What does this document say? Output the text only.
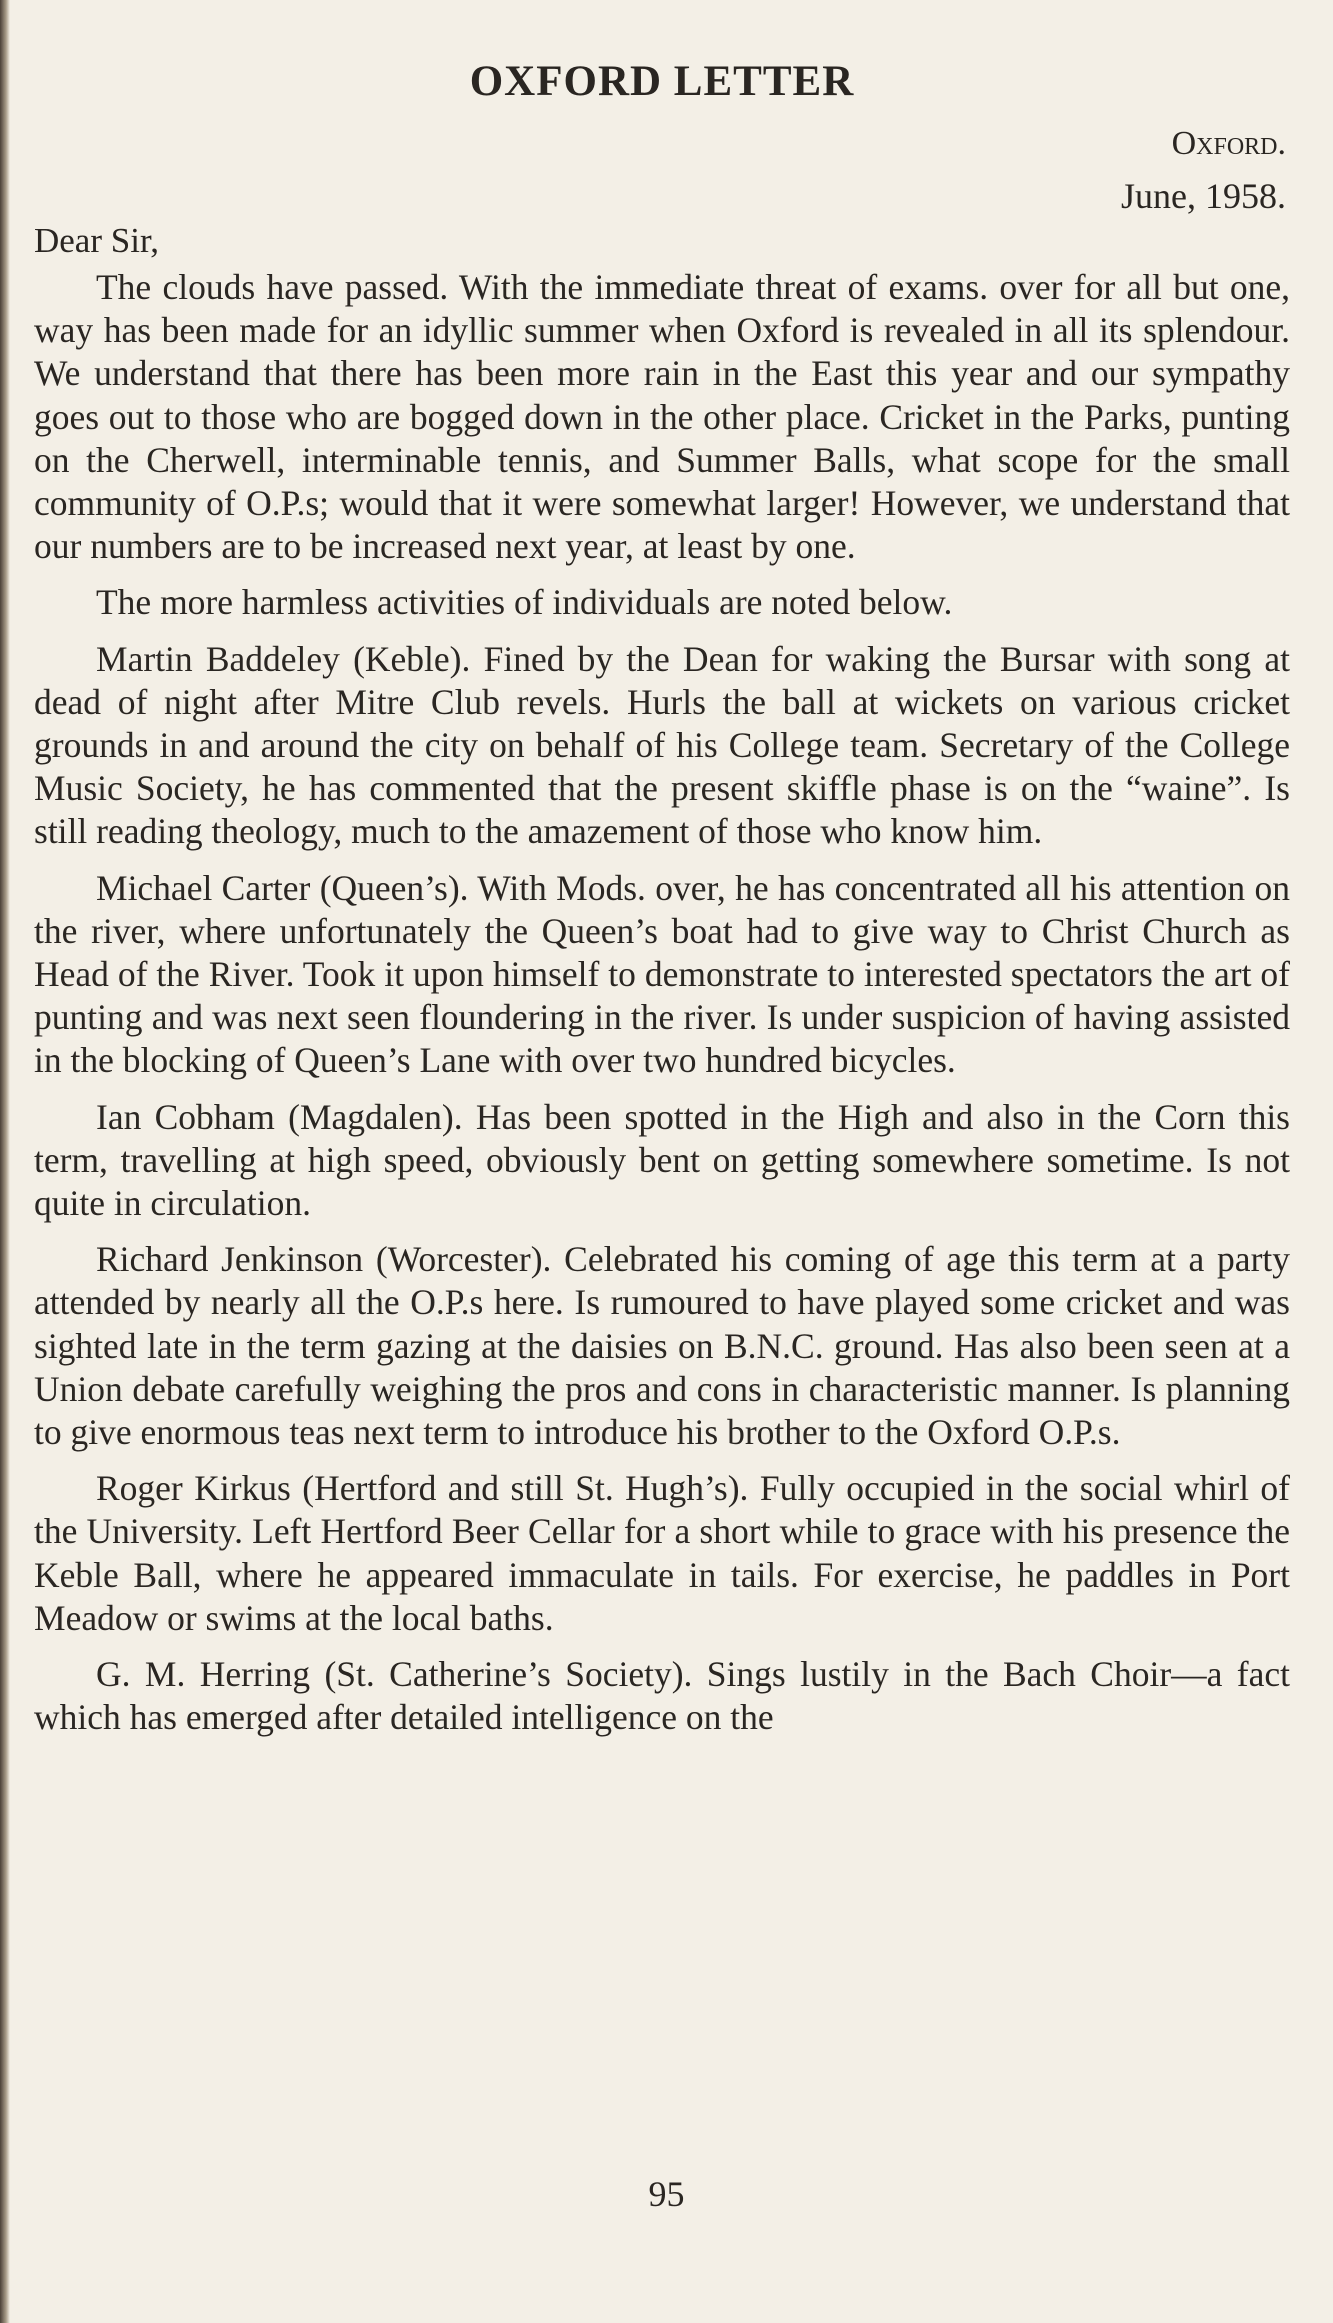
OXFORD LETTER
Oxford.
June, 1958.
Dear Sir,

The clouds have passed. With the immediate threat of exams. over for all but one, way has been made for an idyllic summer when Oxford is revealed in all its splendour. We understand that there has been more rain in the East this year and our sympathy goes out to those who are bogged down in the other place. Cricket in the Parks, punting on the Cherwell, interminable tennis, and Summer Balls, what scope for the small community of O.P.s; would that it were somewhat larger! However, we understand that our numbers are to be increased next year, at least by one.

The more harmless activities of individuals are noted below.

Martin Baddeley (Keble). Fined by the Dean for waking the Bursar with song at dead of night after Mitre Club revels. Hurls the ball at wickets on various cricket grounds in and around the city on behalf of his College team. Secretary of the College Music Society, he has commented that the present skiffle phase is on the “waine”. Is still reading theology, much to the amazement of those who know him.

Michael Carter (Queen’s). With Mods. over, he has concentrated all his attention on the river, where unfortunately the Queen’s boat had to give way to Christ Church as Head of the River. Took it upon himself to demonstrate to interested spectators the art of punting and was next seen floundering in the river. Is under suspicion of having assisted in the blocking of Queen’s Lane with over two hundred bicycles.

Ian Cobham (Magdalen). Has been spotted in the High and also in the Corn this term, travelling at high speed, obviously bent on getting somewhere sometime. Is not quite in circulation.

Richard Jenkinson (Worcester). Celebrated his coming of age this term at a party attended by nearly all the O.P.s here. Is rumoured to have played some cricket and was sighted late in the term gazing at the daisies on B.N.C. ground. Has also been seen at a Union debate carefully weighing the pros and cons in characteristic manner. Is planning to give enormous teas next term to introduce his brother to the Oxford O.P.s.

Roger Kirkus (Hertford and still St. Hugh’s). Fully occupied in the social whirl of the University. Left Hertford Beer Cellar for a short while to grace with his presence the Keble Ball, where he appeared immaculate in tails. For exercise, he paddles in Port Meadow or swims at the local baths.

G. M. Herring (St. Catherine’s Society). Sings lustily in the Bach Choir—a fact which has emerged after detailed intelligence on the

95
